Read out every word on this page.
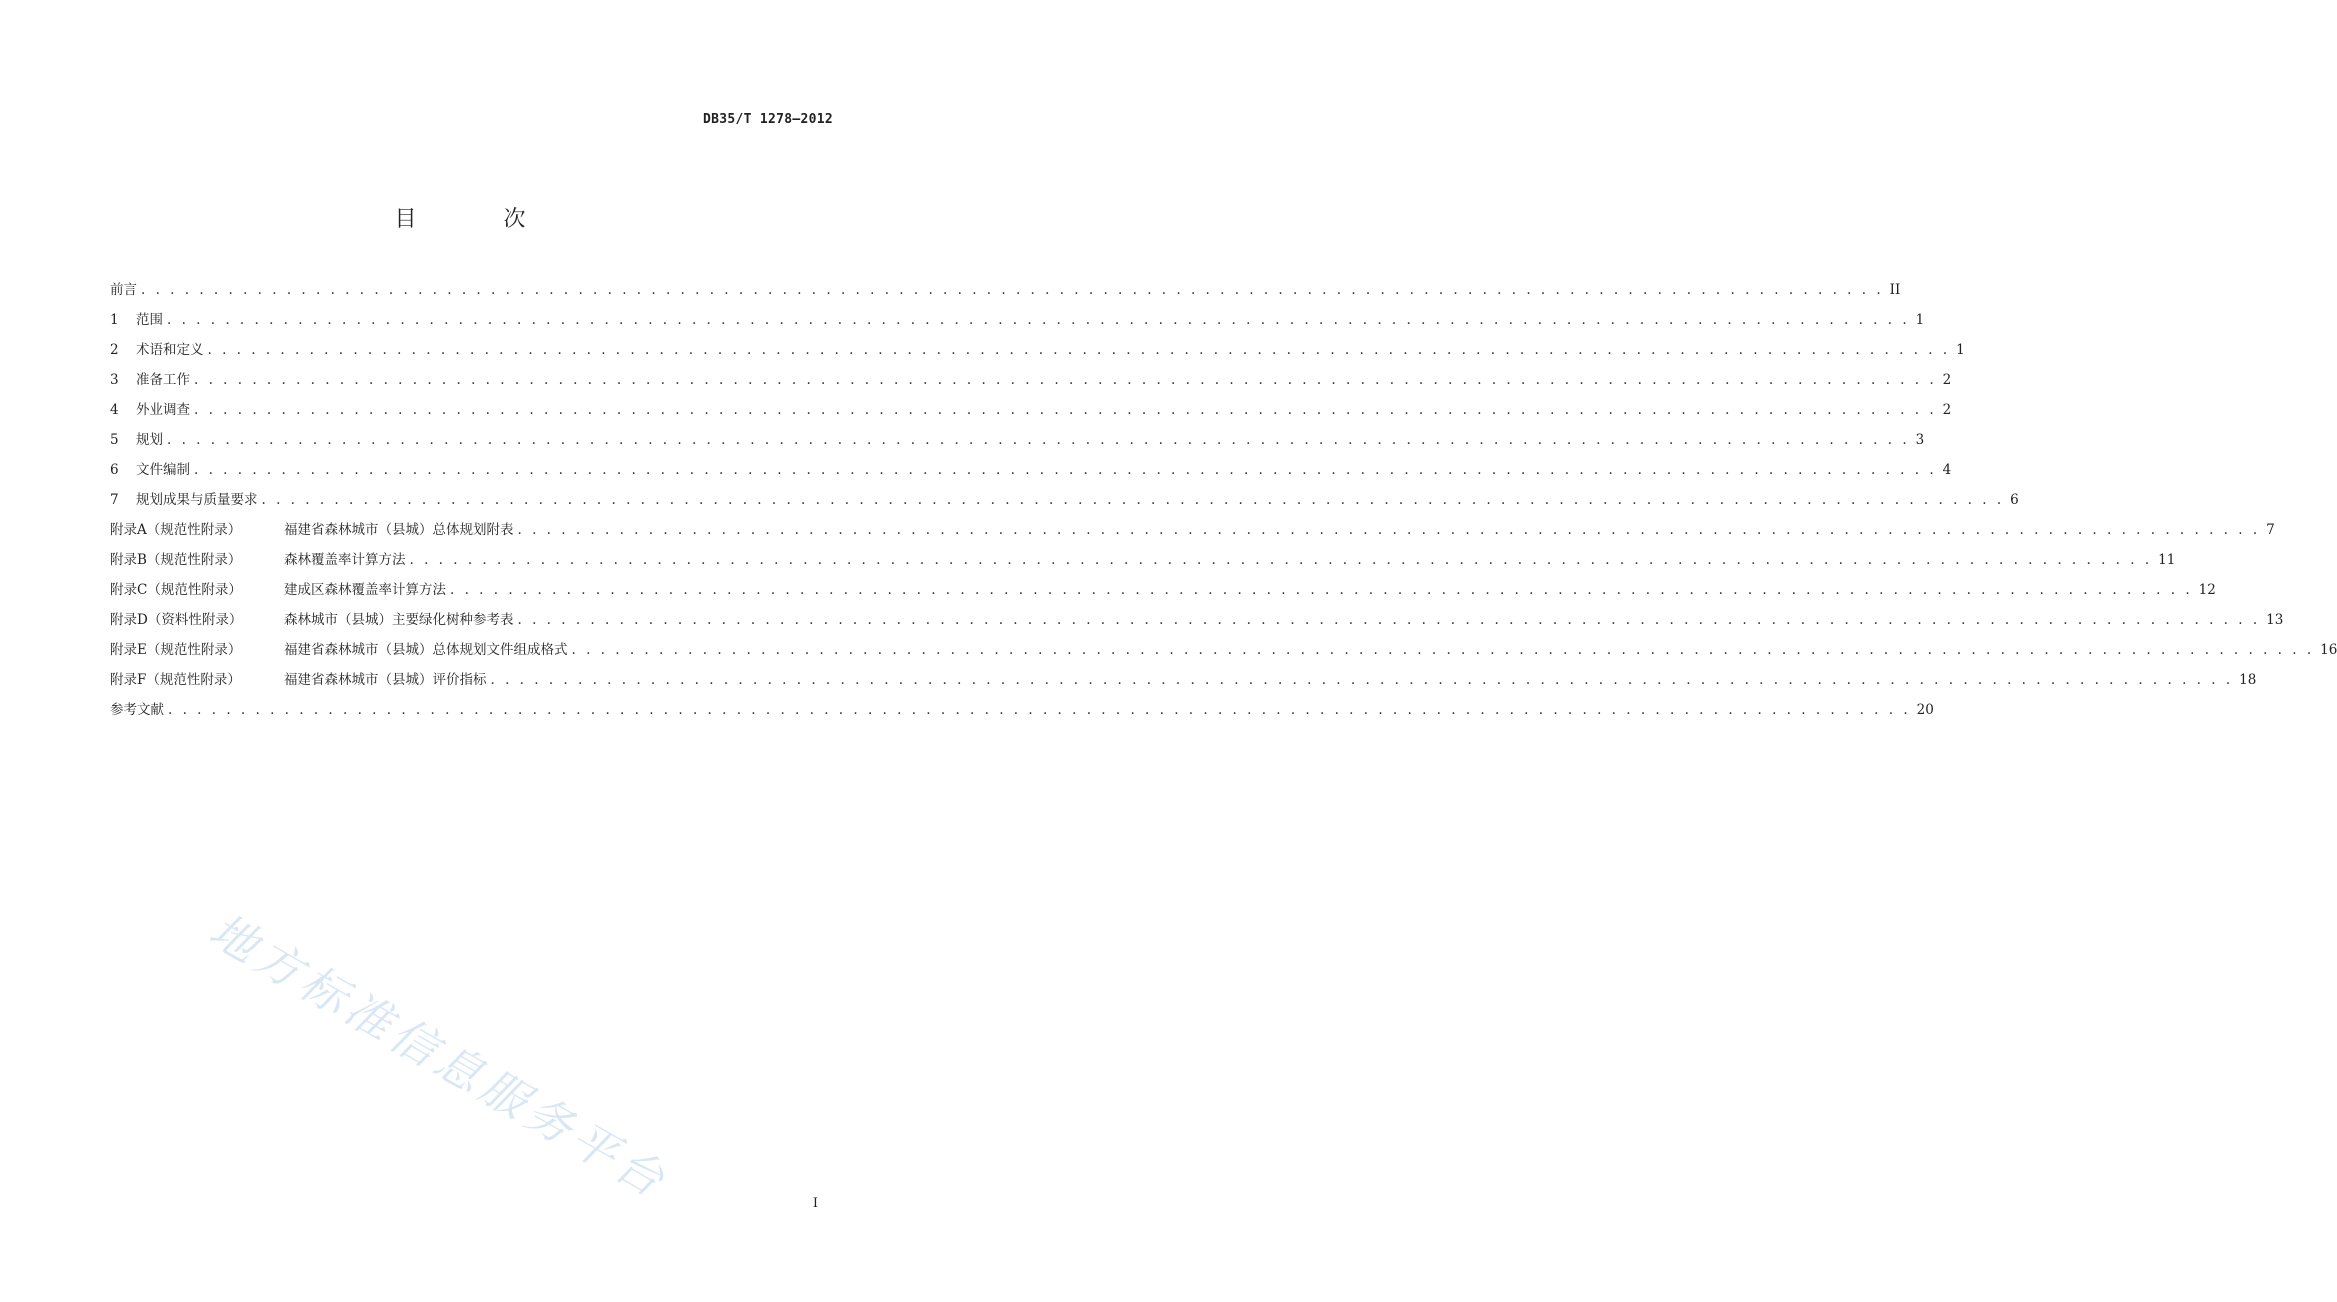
DB35/T 1278—2012
目 次
前言 . . . . . . . . . . . . . . . . . . . . . . . . . . . . . . . . . . . . . . . . . . . . . . . . . . . . . . . . . . . . . . . . . . . . . . . . . . . . . . . . . . . . . . . . . . . . . . . . . . . . . . . . . . . . . . . . . . . . . . . . II
1 范围 . . . . . . . . . . . . . . . . . . . . . . . . . . . . . . . . . . . . . . . . . . . . . . . . . . . . . . . . . . . . . . . . . . . . . . . . . . . . . . . . . . . . . . . . . . . . . . . . . . . . . . . . . . . . . . . . . . . . . . . . 1
2 术语和定义 . . . . . . . . . . . . . . . . . . . . . . . . . . . . . . . . . . . . . . . . . . . . . . . . . . . . . . . . . . . . . . . . . . . . . . . . . . . . . . . . . . . . . . . . . . . . . . . . . . . . . . . . . . . . . . . . . . . . . . . . 1
3 准备工作 . . . . . . . . . . . . . . . . . . . . . . . . . . . . . . . . . . . . . . . . . . . . . . . . . . . . . . . . . . . . . . . . . . . . . . . . . . . . . . . . . . . . . . . . . . . . . . . . . . . . . . . . . . . . . . . . . . . . . . . . 2
4 外业调查 . . . . . . . . . . . . . . . . . . . . . . . . . . . . . . . . . . . . . . . . . . . . . . . . . . . . . . . . . . . . . . . . . . . . . . . . . . . . . . . . . . . . . . . . . . . . . . . . . . . . . . . . . . . . . . . . . . . . . . . . 2
5 规划 . . . . . . . . . . . . . . . . . . . . . . . . . . . . . . . . . . . . . . . . . . . . . . . . . . . . . . . . . . . . . . . . . . . . . . . . . . . . . . . . . . . . . . . . . . . . . . . . . . . . . . . . . . . . . . . . . . . . . . . . 3
6 文件编制 . . . . . . . . . . . . . . . . . . . . . . . . . . . . . . . . . . . . . . . . . . . . . . . . . . . . . . . . . . . . . . . . . . . . . . . . . . . . . . . . . . . . . . . . . . . . . . . . . . . . . . . . . . . . . . . . . . . . . . . . 4
7 规划成果与质量要求 . . . . . . . . . . . . . . . . . . . . . . . . . . . . . . . . . . . . . . . . . . . . . . . . . . . . . . . . . . . . . . . . . . . . . . . . . . . . . . . . . . . . . . . . . . . . . . . . . . . . . . . . . . . . . . . . . . . . . . . . 6
附录A（规范性附录）	福建省森林城市（县城）总体规划附表 . . . . . . . . . . . . . . . . . . . . . . . . . . . . . . . . . . . . . . . . . . . . . . . . . . . . . . . . . . . . . . . . . . . . . . . . . . . . . . . . . . . . . . . . . . . . . . . . . . . . . . . . . . . . . . . . . . . . . . . . 7
附录B（规范性附录）	森林覆盖率计算方法 . . . . . . . . . . . . . . . . . . . . . . . . . . . . . . . . . . . . . . . . . . . . . . . . . . . . . . . . . . . . . . . . . . . . . . . . . . . . . . . . . . . . . . . . . . . . . . . . . . . . . . . . . . . . . . . . . . . . . . . . 11
附录C（规范性附录）	建成区森林覆盖率计算方法 . . . . . . . . . . . . . . . . . . . . . . . . . . . . . . . . . . . . . . . . . . . . . . . . . . . . . . . . . . . . . . . . . . . . . . . . . . . . . . . . . . . . . . . . . . . . . . . . . . . . . . . . . . . . . . . . . . . . . . . . 12
附录D（资料性附录）	森林城市（县城）主要绿化树种参考表 . . . . . . . . . . . . . . . . . . . . . . . . . . . . . . . . . . . . . . . . . . . . . . . . . . . . . . . . . . . . . . . . . . . . . . . . . . . . . . . . . . . . . . . . . . . . . . . . . . . . . . . . . . . . . . . . . . . . . . . . 13
附录E（规范性附录）	福建省森林城市（县城）总体规划文件组成格式 . . . . . . . . . . . . . . . . . . . . . . . . . . . . . . . . . . . . . . . . . . . . . . . . . . . . . . . . . . . . . . . . . . . . . . . . . . . . . . . . . . . . . . . . . . . . . . . . . . . . . . . . . . . . . . . . . . . . . . . . 16
附录F（规范性附录）	福建省森林城市（县城）评价指标 . . . . . . . . . . . . . . . . . . . . . . . . . . . . . . . . . . . . . . . . . . . . . . . . . . . . . . . . . . . . . . . . . . . . . . . . . . . . . . . . . . . . . . . . . . . . . . . . . . . . . . . . . . . . . . . . . . . . . . . . 18
参考文献 . . . . . . . . . . . . . . . . . . . . . . . . . . . . . . . . . . . . . . . . . . . . . . . . . . . . . . . . . . . . . . . . . . . . . . . . . . . . . . . . . . . . . . . . . . . . . . . . . . . . . . . . . . . . . . . . . . . . . . . . 20
地方标准信息服务平台	I
